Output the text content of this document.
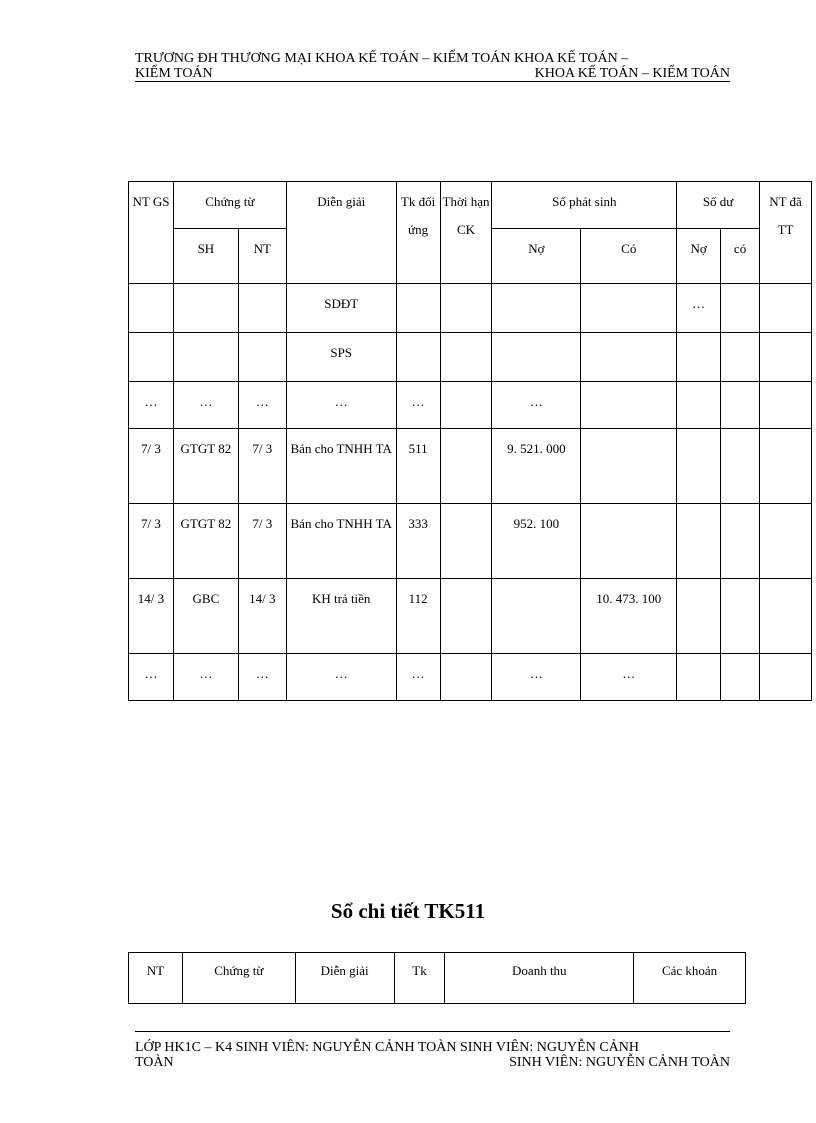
TRƯƠNG ĐH THƯƠNG MẠI KHOA KẾ TOÁN – KIỂM TOÁN KHOA KẾ TOÁN –
KIỂM TOÁN	KHOA KẾ TOÁN – KIỂM TOÁN
NT GS	Chứng từ		Diễn giải	Tk đối ứng	Thời hạn CK	Số phát sinh		Số dư		NT đã TT
	SH	NT				Nợ	Có	Nợ	có	
			SDĐT					…		
			SPS							
…	…	…	…	…		…				
7/ 3	GTGT 82	7/ 3	Bán cho TNHH TA	511		9. 521. 000				
7/ 3	GTGT 82	7/ 3	Bán cho TNHH TA	333		952. 100				
14/ 3	GBC	14/ 3	KH trả tiền	112			10. 473. 100			
…	…	…	…	…		…	…			
Sổ chi tiết TK511
NT	Chứng từ	Diễn giải	Tk	Doanh thu	Các khoản
LỚP HK1C – K4 SINH VIÊN: NGUYỄN CẢNH TOÀN SINH VIÊN: NGUYỄN CẢNH
TOÀN	SINH VIÊN: NGUYỄN CẢNH TOÀN
